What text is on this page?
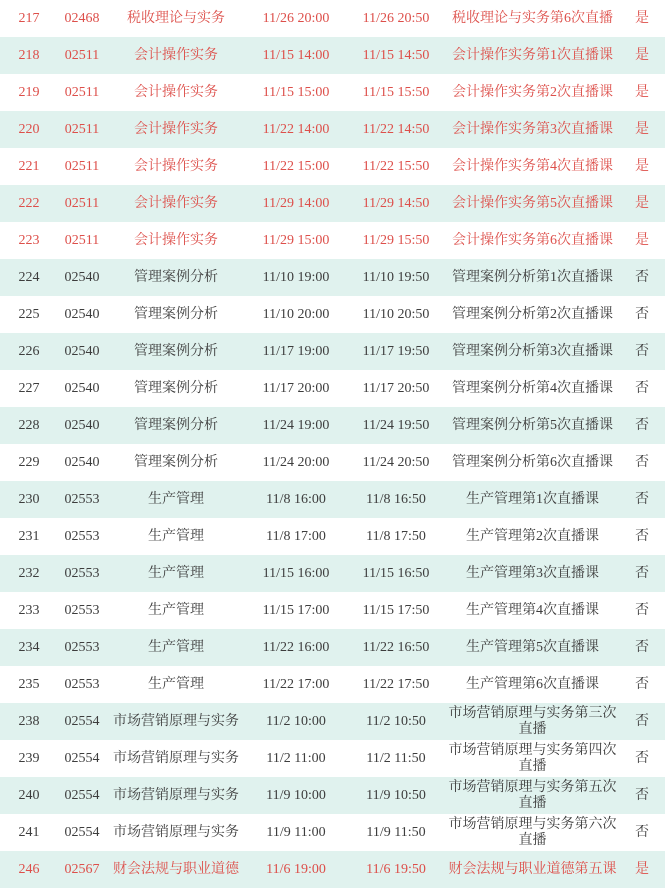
217	02468	税收理论与实务	11/26 20:00	11/26 20:50	税收理论与实务第6次直播	是
218	02511	会计操作实务	11/15 14:00	11/15 14:50	会计操作实务第1次直播课	是
219	02511	会计操作实务	11/15 15:00	11/15 15:50	会计操作实务第2次直播课	是
220	02511	会计操作实务	11/22 14:00	11/22 14:50	会计操作实务第3次直播课	是
221	02511	会计操作实务	11/22 15:00	11/22 15:50	会计操作实务第4次直播课	是
222	02511	会计操作实务	11/29 14:00	11/29 14:50	会计操作实务第5次直播课	是
223	02511	会计操作实务	11/29 15:00	11/29 15:50	会计操作实务第6次直播课	是
224	02540	管理案例分析	11/10 19:00	11/10 19:50	管理案例分析第1次直播课	否
225	02540	管理案例分析	11/10 20:00	11/10 20:50	管理案例分析第2次直播课	否
226	02540	管理案例分析	11/17 19:00	11/17 19:50	管理案例分析第3次直播课	否
227	02540	管理案例分析	11/17 20:00	11/17 20:50	管理案例分析第4次直播课	否
228	02540	管理案例分析	11/24 19:00	11/24 19:50	管理案例分析第5次直播课	否
229	02540	管理案例分析	11/24 20:00	11/24 20:50	管理案例分析第6次直播课	否
230	02553	生产管理	11/8 16:00	11/8 16:50	生产管理第1次直播课	否
231	02553	生产管理	11/8 17:00	11/8 17:50	生产管理第2次直播课	否
232	02553	生产管理	11/15 16:00	11/15 16:50	生产管理第3次直播课	否
233	02553	生产管理	11/15 17:00	11/15 17:50	生产管理第4次直播课	否
234	02553	生产管理	11/22 16:00	11/22 16:50	生产管理第5次直播课	否
235	02553	生产管理	11/22 17:00	11/22 17:50	生产管理第6次直播课	否
238	02554	市场营销原理与实务	11/2 10:00	11/2 10:50	市场营销原理与实务第三次直播	否
239	02554	市场营销原理与实务	11/2 11:00	11/2 11:50	市场营销原理与实务第四次直播	否
240	02554	市场营销原理与实务	11/9 10:00	11/9 10:50	市场营销原理与实务第五次直播	否
241	02554	市场营销原理与实务	11/9 11:00	11/9 11:50	市场营销原理与实务第六次直播	否
246	02567	财会法规与职业道德	11/6 19:00	11/6 19:50	财会法规与职业道德第五课	是
